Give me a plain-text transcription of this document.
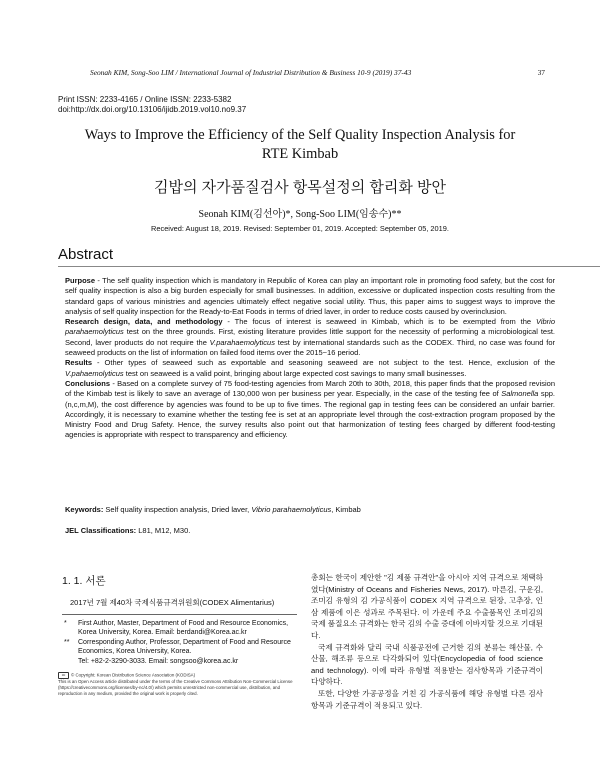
Seonah KIM, Song-Soo LIM / International Journal of Industrial Distribution & Business 10-9 (2019) 37-43	37
Print ISSN: 2233-4165 / Online ISSN: 2233-5382
doi:http://dx.doi.org/10.13106/ijidb.2019.vol10.no9.37
Ways to Improve the Efficiency of the Self Quality Inspection Analysis for
RTE Kimbab
김밥의 자가품질검사 항목설정의 합리화 방안
Seonah KIM(김선아)*, Song-Soo LIM(임송수)**
Received: August 18, 2019. Revised: September 01, 2019. Accepted: September 05, 2019.
Abstract

Purpose - The self quality inspection which is mandatory in Republic of Korea can play an important role in promoting food safety, but the cost for self quality inspection is also a big burden especially for small businesses. In addition, excessive or duplicated inspection costs resulting from the standard gaps of various ministries and agencies ultimately effect negative social utility. Thus, this paper aims to suggest ways to improve the analysis of self quality inspection for the Ready-to-Eat Foods in terms of dried laver, in order to reduce costs caused by overinclusion.

Research design, data, and methodology - The focus of interest is seaweed in Kimbab, which is to be exempted from the Vibrio parahaemolyticus test on the three grounds. First, existing literature provides little support for the necessity of performing a microbiological test. Second, laver products do not require the V.parahaemolyticus test by international standards such as the CODEX. Third, no case was found for seaweed products on the list of information on failed food items over the 2015~16 period.

Results - Other types of seaweed such as exportable and seasoning seaweed are not subject to the test. Hence, exclusion of the V.pahaemolyticus test on seaweed is a valid point, bringing about large expected cost savings to many small businesses.

Conclusions - Based on a complete survey of 75 food-testing agencies from March 20th to 30th, 2018, this paper finds that the proposed revision of the Kimbab test is likely to save an average of 130,000 won per business per year. Especially, in the case of the testing fee of Salmonella spp.(n,c,m,M), the cost difference by agencies was found to be up to five times. The regional gap in testing fees can be considered an unfair barrier. Accordingly, it is necessary to examine whether the testing fee is set at an appropriate level through the cost-extraction program proposed by the Ministry Food and Drug Safety. Hence, the survey results also point out that harmonization of testing fees charged by different food-testing agencies is appropriate with respect to transparency and efficiency.

Keywords: Self quality inspection analysis, Dried laver, Vibrio parahaemolyticus, Kimbab
JEL Classifications: L81, M12, M30.
1. 1. 서론
2017년 7월 제40차 국제식품규격위원회(CODEX Alimentarius)
* First Author, Master, Department of Food and Resource Economics, Korea University, Korea. Email: berdandi@Korea.ac.kr
** Corresponding Author, Professor, Department of Food and Resource Economics, Korea University, Korea.
Tel: +82-2-3290-3033. Email: songsoo@korea.ac.kr
cc © Copyright: Korean Distribution Science Association (KODISA)
This is an Open Access article distributed under the terms of the Creative Commons Attribution Non-Commercial License (https://creativecommons.org/licenses/by-nc/4.0/) which permits unrestricted non-commercial use, distribution, and reproduction in any medium, provided the original work is properly cited.

총회는 한국이 제안한 "김 제품 규격안"을 아시아 지역 규격으로 채택하였다(Ministry of Oceans and Fisheries News, 2017). 마른김, 구운김, 조미김 유형의 김 가공식품이 CODEX 지역 규격으로 된장, 고추장, 인삼 제품에 이은 성과로 주목된다. 이 가운데 주요 수출품목인 조미김의 국제 품질요소 규격화는 한국 김의 수출 증대에 이바지할 것으로 기대된다.

국제 규격화와 달리 국내 식품공전에 근거한 김의 분류는 해산물, 수산물, 해조류 등으로 다각화되어 있다(Encyclopedia of food science and technology). 이에 따라 유형별 적용받는 검사항목과 기준규격이 다양하다.

또한, 다양한 가공공정을 거친 김 가공식품에 해당 유형별 다른 검사항목과 기준규격이 적용되고 있다.
